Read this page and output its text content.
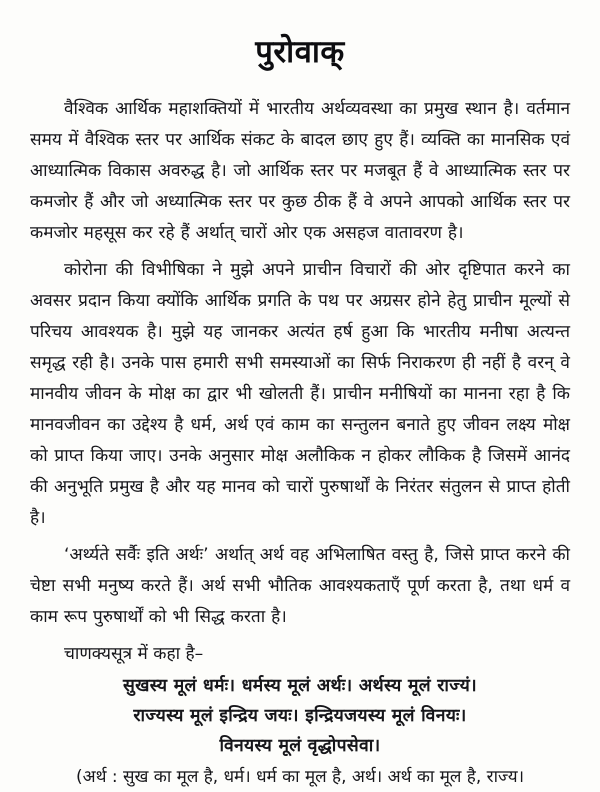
पुरोवाक्

वैश्विक आर्थिक महाशक्तियों में भारतीय अर्थव्यवस्था का प्रमुख स्थान है। वर्तमान समय में वैश्विक स्तर पर आर्थिक संकट के बादल छाए हुए हैं। व्यक्ति का मानसिक एवं आध्यात्मिक विकास अवरुद्ध है। जो आर्थिक स्तर पर मजबूत हैं वे आध्यात्मिक स्तर पर कमजोर हैं और जो अध्यात्मिक स्तर पर कुछ ठीक हैं वे अपने आपको आर्थिक स्तर पर कमजोर महसूस कर रहे हैं अर्थात् चारों ओर एक असहज वातावरण है।

कोरोना की विभीषिका ने मुझे अपने प्राचीन विचारों की ओर दृष्टिपात करने का अवसर प्रदान किया क्योंकि आर्थिक प्रगति के पथ पर अग्रसर होने हेतु प्राचीन मूल्यों से परिचय आवश्यक है। मुझे यह जानकर अत्यंत हर्ष हुआ कि भारतीय मनीषा अत्यन्त समृद्ध रही है। उनके पास हमारी सभी समस्याओं का सिर्फ निराकरण ही नहीं है वरन् वे मानवीय जीवन के मोक्ष का द्वार भी खोलती हैं। प्राचीन मनीषियों का मानना रहा है कि मानवजीवन का उद्देश्य है धर्म, अर्थ एवं काम का सन्तुलन बनाते हुए जीवन लक्ष्य मोक्ष को प्राप्त किया जाए। उनके अनुसार मोक्ष अलौकिक न होकर लौकिक है जिसमें आनंद की अनुभूति प्रमुख है और यह मानव को चारों पुरुषार्थों के निरंतर संतुलन से प्राप्त होती है।

‘अर्थ्यते सर्वैः इति अर्थः’ अर्थात् अर्थ वह अभिलाषित वस्तु है, जिसे प्राप्त करने की चेष्टा सभी मनुष्य करते हैं। अर्थ सभी भौतिक आवश्यकताएँ पूर्ण करता है, तथा धर्म व काम रूप पुरुषार्थों को भी सिद्ध करता है।

चाणक्यसूत्र में कहा है–

सुखस्य मूलं धर्मः। धर्मस्य मूलं अर्थः। अर्थस्य मूलं राज्यं।

राज्यस्य मूलं इन्द्रिय जयः। इन्द्रियजयस्य मूलं विनयः।

विनयस्य मूलं वृद्धोपसेवा।

(अर्थ : सुख का मूल है, धर्म। धर्म का मूल है, अर्थ। अर्थ का मूल है, राज्य।
